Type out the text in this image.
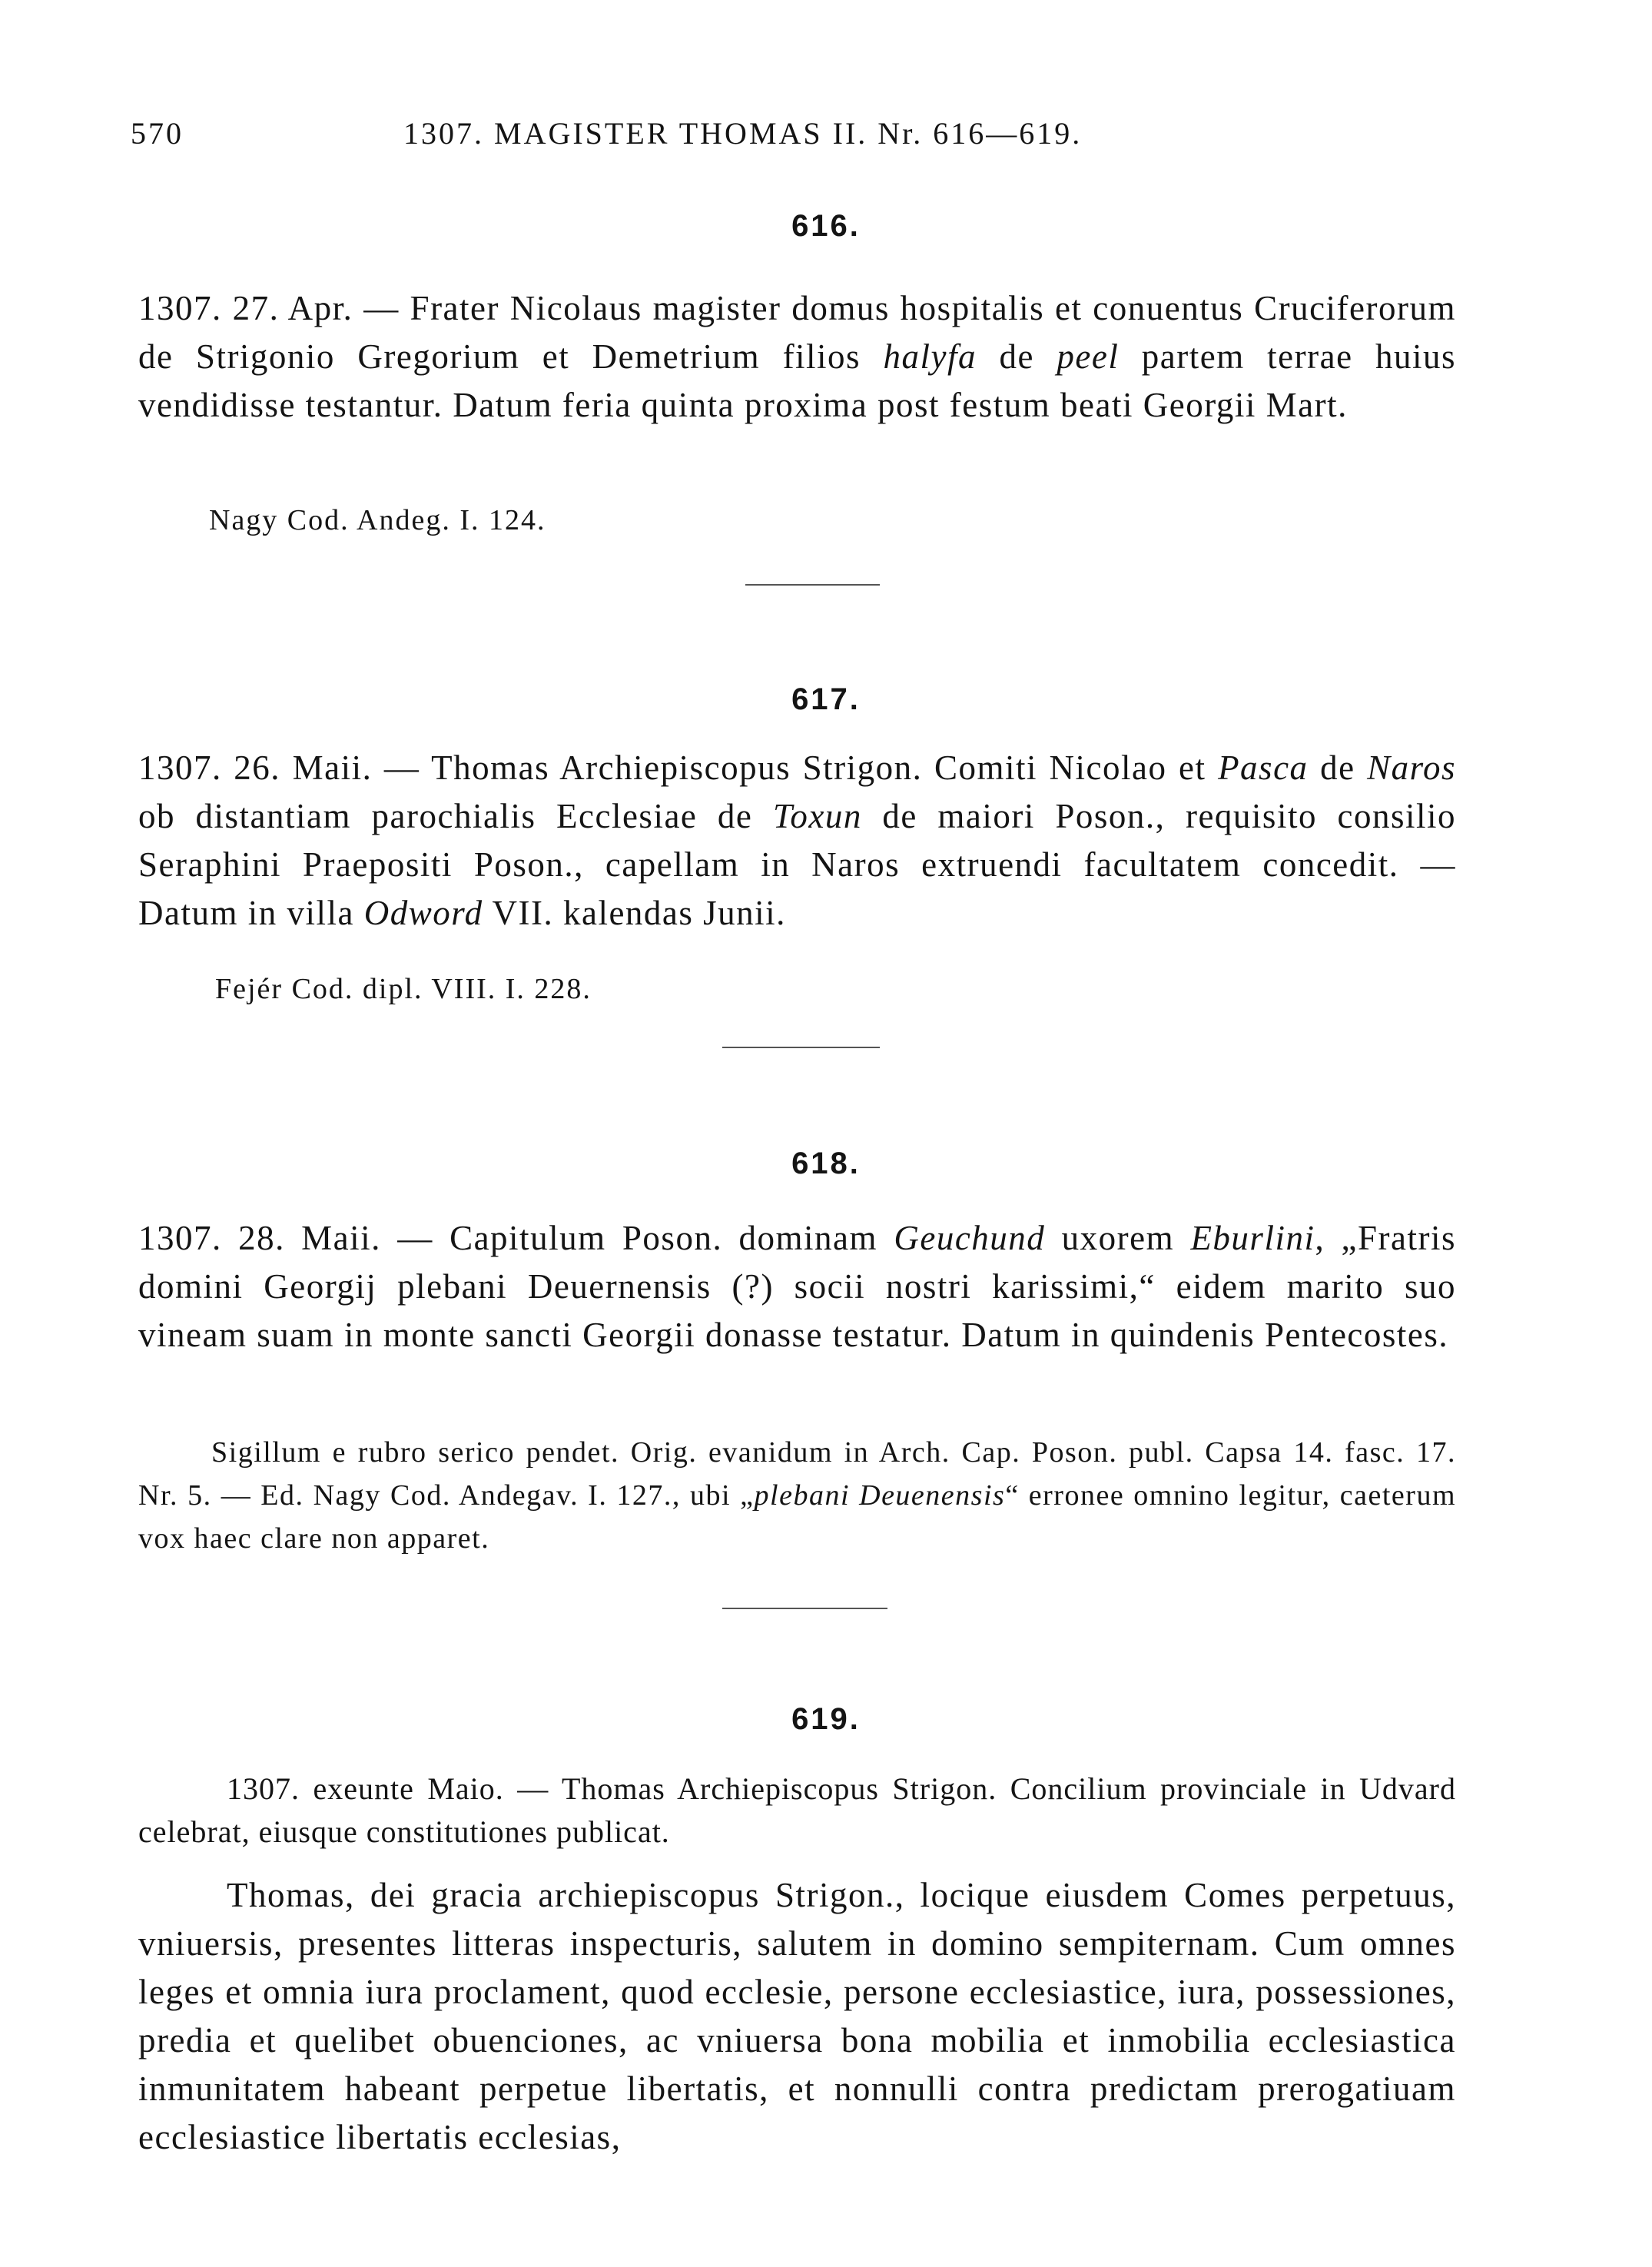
570	1307. MAGISTER THOMAS II. Nr. 616—619.
616.
1307. 27. Apr. — Frater Nicolaus magister domus hospitalis et conuentus Cruciferorum de Strigonio Gregorium et Demetrium filios halyfa de peel partem terrae huius vendidisse testantur. Datum feria quinta proxima post festum beati Georgii Mart.
Nagy Cod. Andeg. I. 124.
617.
1307. 26. Maii. — Thomas Archiepiscopus Strigon. Comiti Nicolao et Pasca de Naros ob distantiam parochialis Ecclesiae de Toxun de maiori Poson., requisito consilio Seraphini Praepositi Poson., capellam in Naros extruendi facultatem concedit. — Datum in villa Odword VII. kalendas Junii.
Fejér Cod. dipl. VIII. I. 228.
618.
1307. 28. Maii. — Capitulum Poson. dominam Geuchund uxorem Eburlini, „Fratris domini Georgij plebani Deuernensis (?) socii nostri karissimi,“ eidem marito suo vineam suam in monte sancti Georgii donasse testatur. Datum in quindenis Pentecostes.
Sigillum e rubro serico pendet. Orig. evanidum in Arch. Cap. Poson. publ. Capsa 14. fasc. 17. Nr. 5. — Ed. Nagy Cod. Andegav. I. 127., ubi „plebani Deuenensis“ erronee omnino legitur, caeterum vox haec clare non apparet.
619.
1307. exeunte Maio. — Thomas Archiepiscopus Strigon. Concilium provinciale in Udvard celebrat, eiusque constitutiones publicat.
Thomas, dei gracia archiepiscopus Strigon., locique eiusdem Comes perpetuus, vniuersis, presentes litteras inspecturis, salutem in domino sempiternam. Cum omnes leges et omnia iura proclament, quod ecclesie, persone ecclesiastice, iura, possessiones, predia et quelibet obuenciones, ac vniuersa bona mobilia et inmobilia ecclesiastica inmunitatem habeant perpetue libertatis, et nonnulli contra predictam prerogatiuam ecclesiastice libertatis ecclesias,
